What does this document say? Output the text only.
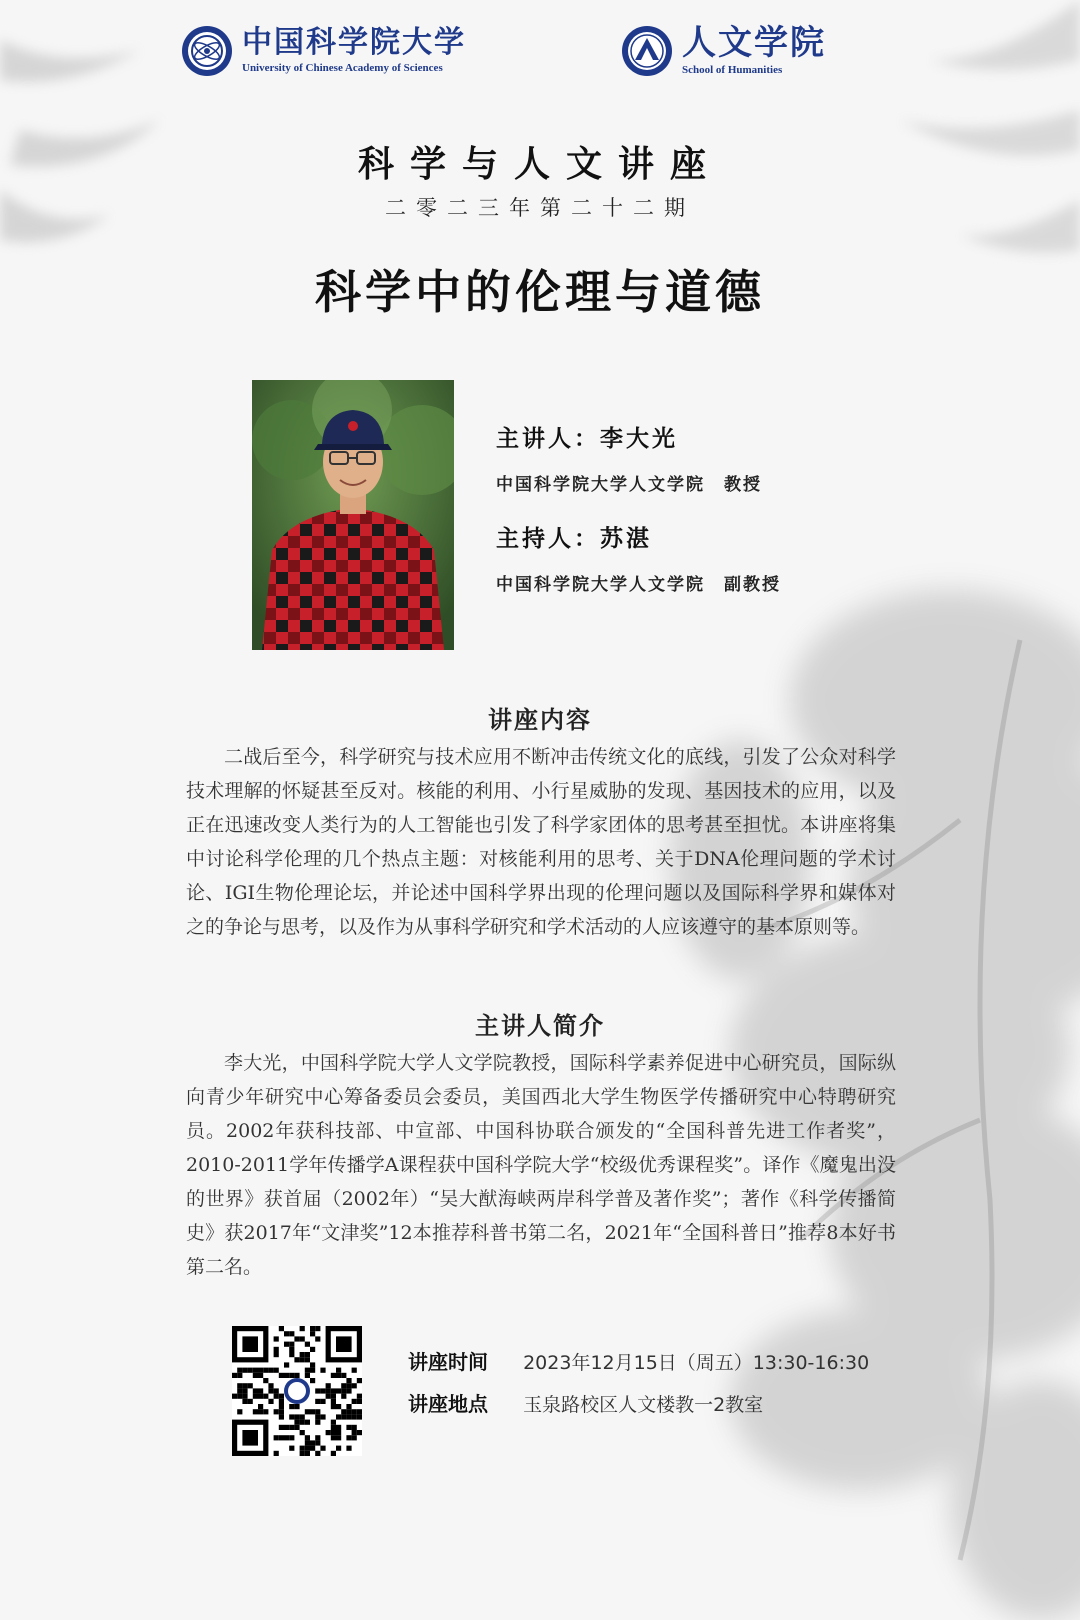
中国科学院大学
University of Chinese Academy of Sciences
人文学院
School of Humanities
科学与人文讲座
二零二三年第二十二期
科学中的伦理与道德
主讲人：李大光
中国科学院大学人文学院　教授
主持人：苏湛
中国科学院大学人文学院　副教授
讲座内容
二战后至今，科学研究与技术应用不断冲击传统文化的底线，引发了公众对科学技术理解的怀疑甚至反对。核能的利用、小行星威胁的发现、基因技术的应用，以及正在迅速改变人类行为的人工智能也引发了科学家团体的思考甚至担忧。本讲座将集中讨论科学伦理的几个热点主题：对核能利用的思考、关于DNA伦理问题的学术讨论、IGI生物伦理论坛，并论述中国科学界出现的伦理问题以及国际科学界和媒体对之的争论与思考，以及作为从事科学研究和学术活动的人应该遵守的基本原则等。
主讲人简介
李大光，中国科学院大学人文学院教授，国际科学素养促进中心研究员，国际纵向青少年研究中心筹备委员会委员，美国西北大学生物医学传播研究中心特聘研究员。2002年获科技部、中宣部、中国科协联合颁发的“全国科普先进工作者奖”，2010-2011学年传播学A课程获中国科学院大学“校级优秀课程奖”。译作《魔鬼出没的世界》获首届（2002年）“吴大猷海峡两岸科学普及著作奖”；著作《科学传播简史》获2017年“文津奖”12本推荐科普书第二名，2021年“全国科普日”推荐8本好书第二名。
讲座时间 2023年12月15日（周五）13:30-16:30
讲座地点 玉泉路校区人文楼教一2教室
